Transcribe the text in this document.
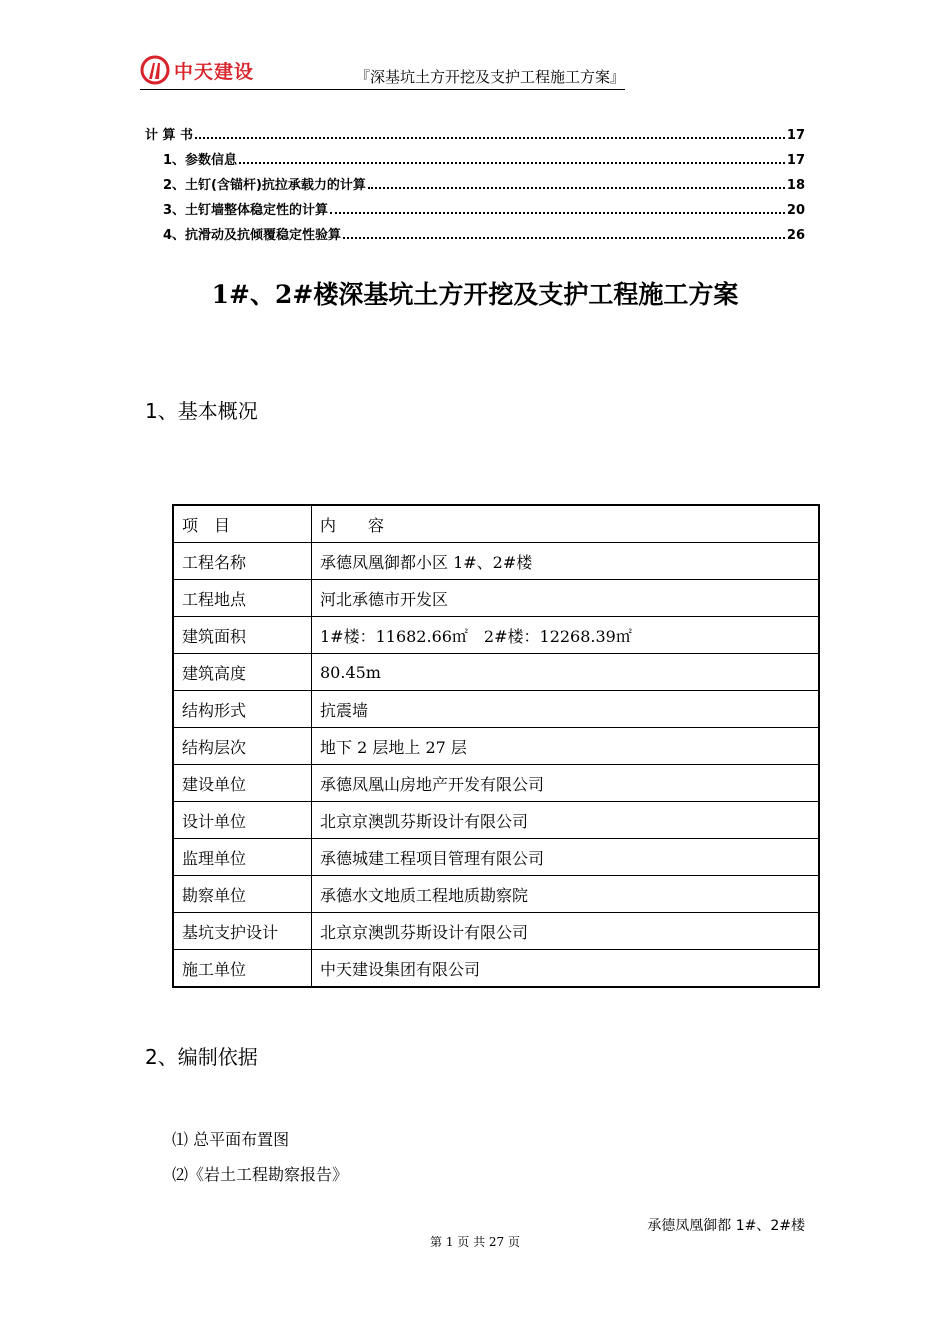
中天建设	『深基坑土方开挖及支护工程施工方案』
计 算 书	17
1、参数信息	17
2、土钉(含锚杆)抗拉承载力的计算	18
3、土钉墙整体稳定性的计算	20
4、抗滑动及抗倾覆稳定性验算	26
1#、2#楼深基坑土方开挖及支护工程施工方案
1、基本概况
项　目	内　　容
工程名称	承德凤凰御都小区 1#、2#楼
工程地点	河北承德市开发区
建筑面积	1#楼：11682.66㎡　2#楼：12268.39㎡
建筑高度	80.45m
结构形式	抗震墙
结构层次	地下 2 层地上 27 层
建设单位	承德凤凰山房地产开发有限公司
设计单位	北京京澳凯芬斯设计有限公司
监理单位	承德城建工程项目管理有限公司
勘察单位	承德水文地质工程地质勘察院
基坑支护设计	北京京澳凯芬斯设计有限公司
施工单位	中天建设集团有限公司
2、编制依据
⑴ 总平面布置图
⑵《岩土工程勘察报告》
承德凤凰御都 1#、2#楼
第 1 页 共 27 页
